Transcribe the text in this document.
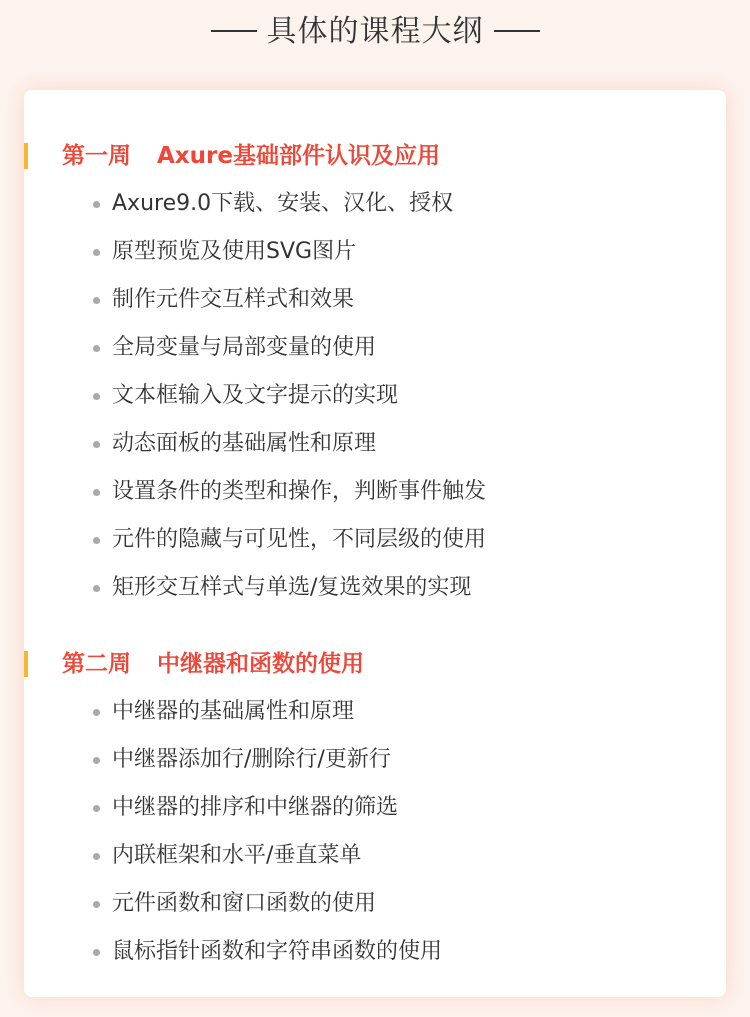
具体的课程大纲
第一周 Axure基础部件认识及应用
Axure9.0下载、安装、汉化、授权
原型预览及使用SVG图片
制作元件交互样式和效果
全局变量与局部变量的使用
文本框输入及文字提示的实现
动态面板的基础属性和原理
设置条件的类型和操作，判断事件触发
元件的隐藏与可见性，不同层级的使用
矩形交互样式与单选/复选效果的实现
第二周 中继器和函数的使用
中继器的基础属性和原理
中继器添加行/删除行/更新行
中继器的排序和中继器的筛选
内联框架和水平/垂直菜单
元件函数和窗口函数的使用
鼠标指针函数和字符串函数的使用
